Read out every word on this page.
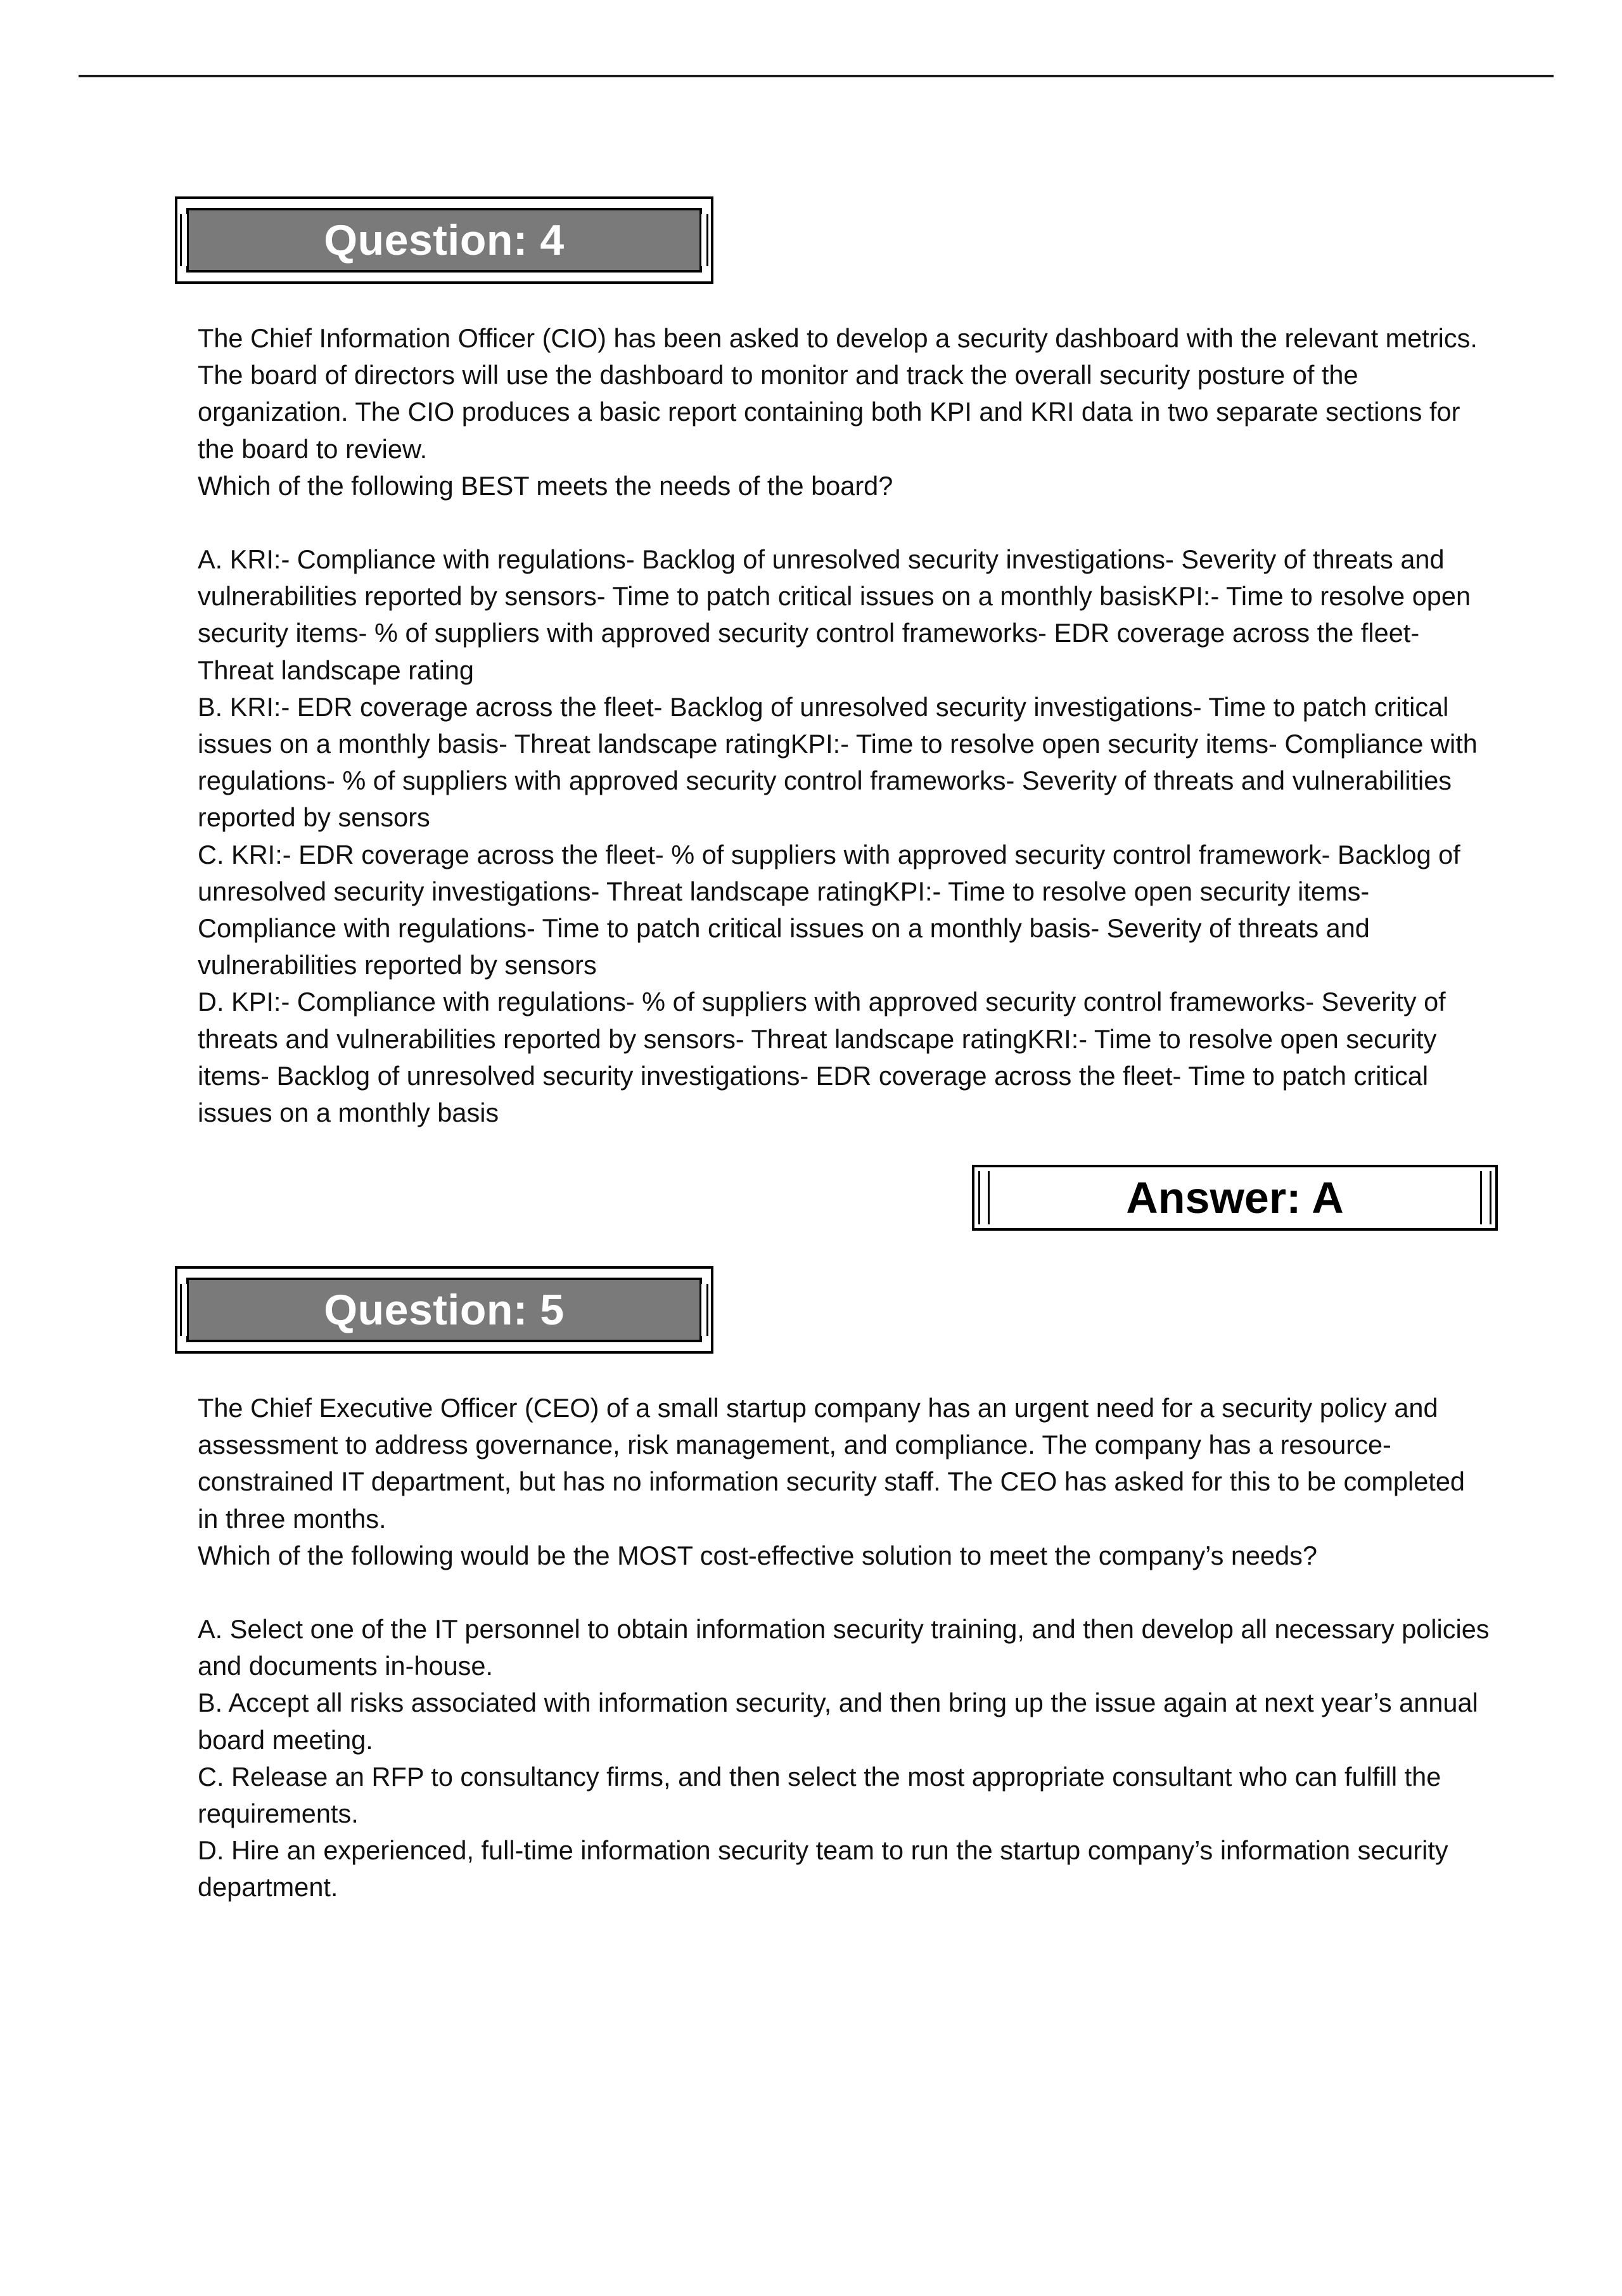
Question: 4

The Chief Information Officer (CIO) has been asked to develop a security dashboard with the relevant metrics. The board of directors will use the dashboard to monitor and track the overall security posture of the organization. The CIO produces a basic report containing both KPI and KRI data in two separate sections for the board to review.

Which of the following BEST meets the needs of the board?

A. KRI:- Compliance with regulations- Backlog of unresolved security investigations- Severity of threats and vulnerabilities reported by sensors- Time to patch critical issues on a monthly basisKPI:- Time to resolve open security items- % of suppliers with approved security control frameworks- EDR coverage across the fleet- Threat landscape rating

B. KRI:- EDR coverage across the fleet- Backlog of unresolved security investigations- Time to patch critical issues on a monthly basis- Threat landscape ratingKPI:- Time to resolve open security items- Compliance with regulations- % of suppliers with approved security control frameworks- Severity of threats and vulnerabilities reported by sensors

C. KRI:- EDR coverage across the fleet- % of suppliers with approved security control framework- Backlog of unresolved security investigations- Threat landscape ratingKPI:- Time to resolve open security items- Compliance with regulations- Time to patch critical issues on a monthly basis- Severity of threats and vulnerabilities reported by sensors

D. KPI:- Compliance with regulations- % of suppliers with approved security control frameworks- Severity of threats and vulnerabilities reported by sensors- Threat landscape ratingKRI:- Time to resolve open security items- Backlog of unresolved security investigations- EDR coverage across the fleet- Time to patch critical issues on a monthly basis

Answer: A
Question: 5

The Chief Executive Officer (CEO) of a small startup company has an urgent need for a security policy and assessment to address governance, risk management, and compliance. The company has a resource-constrained IT department, but has no information security staff. The CEO has asked for this to be completed in three months.

Which of the following would be the MOST cost-effective solution to meet the company’s needs?

A. Select one of the IT personnel to obtain information security training, and then develop all necessary policies and documents in-house.

B. Accept all risks associated with information security, and then bring up the issue again at next year’s annual board meeting.

C. Release an RFP to consultancy firms, and then select the most appropriate consultant who can fulfill the requirements.

D. Hire an experienced, full-time information security team to run the startup company’s information security department.
